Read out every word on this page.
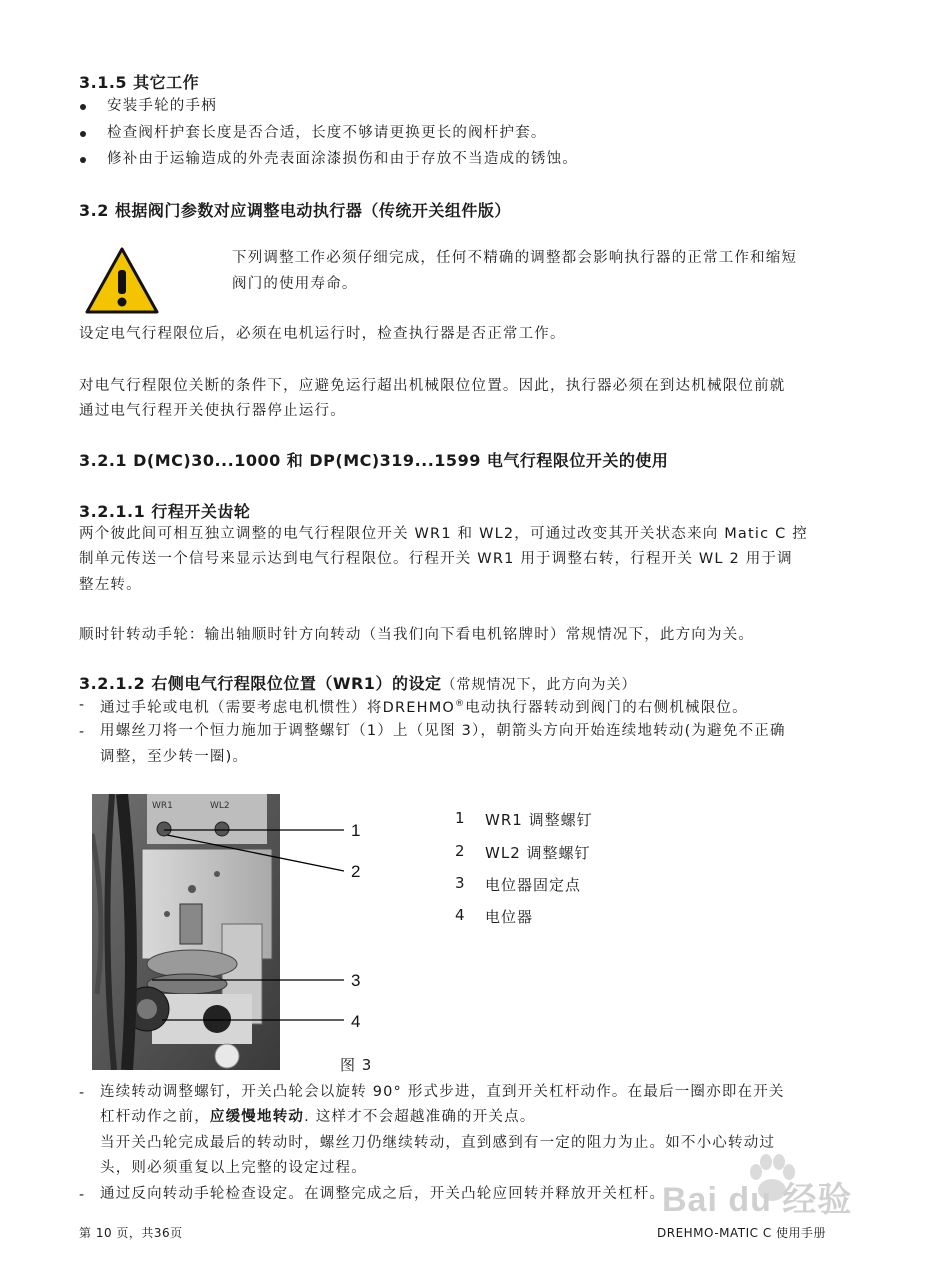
3.1.5 其它工作
安装手轮的手柄
检查阀杆护套长度是否合适，长度不够请更换更长的阀杆护套。
修补由于运输造成的外壳表面涂漆损伤和由于存放不当造成的锈蚀。
3.2 根据阀门参数对应调整电动执行器（传统开关组件版）
下列调整工作必须仔细完成，任何不精确的调整都会影响执行器的正常工作和缩短
阀门的使用寿命。
设定电气行程限位后，必须在电机运行时，检查执行器是否正常工作。
对电气行程限位关断的条件下，应避免运行超出机械限位位置。因此，执行器必须在到达机械限位前就
通过电气行程开关使执行器停止运行。
3.2.1 D(MC)30...1000 和 DP(MC)319...1599 电气行程限位开关的使用
3.2.1.1 行程开关齿轮
两个彼此间可相互独立调整的电气行程限位开关 WR1 和 WL2，可通过改变其开关状态来向 Matic C 控
制单元传送一个信号来显示达到电气行程限位。行程开关 WR1 用于调整右转，行程开关 WL 2 用于调
整左转。
顺时针转动手轮：输出轴顺时针方向转动（当我们向下看电机铭牌时）常规情况下，此方向为关。
3.2.1.2 右侧电气行程限位位置（WR1）的设定（常规情况下，此方向为关）
- 通过手轮或电机（需要考虑电机惯性）将DREHMO®电动执行器转动到阀门的右侧机械限位。
- 用螺丝刀将一个恒力施加于调整螺钉（1）上（见图 3），朝箭头方向开始连续地转动(为避免不正确
调整，至少转一圈)。
WR1	WL2
1
2
3
4
1 WR1 调整螺钉
2 WL2 调整螺钉
3 电位器固定点
4 电位器
图 3
- 连续转动调整螺钉，开关凸轮会以旋转 90° 形式步进，直到开关杠杆动作。在最后一圈亦即在开关
杠杆动作之前，应缓慢地转动. 这样才不会超越准确的开关点。
当开关凸轮完成最后的转动时，螺丝刀仍继续转动，直到感到有一定的阻力为止。如不小心转动过
头，则必须重复以上完整的设定过程。
- 通过反向转动手轮检查设定。在调整完成之后，开关凸轮应回转并释放开关杠杆。
第 10 页，共36页	DREHMO-MATIC C 使用手册
Bai du 经验
